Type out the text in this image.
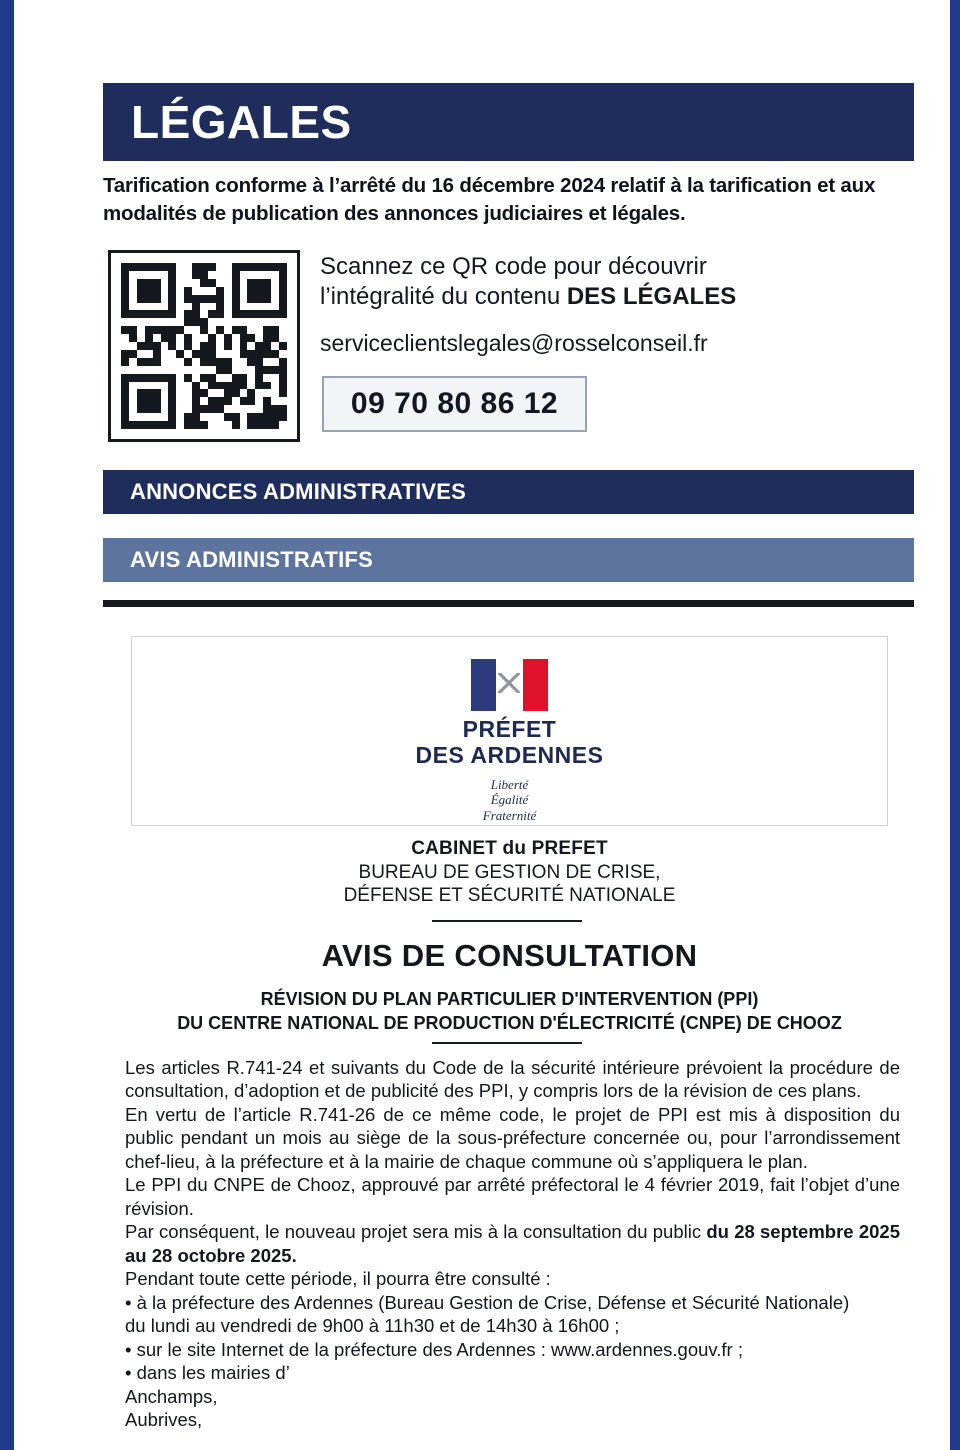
LÉGALES
Tarification conforme à l’arrêté du 16 décembre 2024 relatif à la tarification et aux modalités de publication des annonces judiciaires et légales.
Scannez ce QR code pour découvrir
l’intégralité du contenu DES LÉGALES
serviceclientslegales@rosselconseil.fr
09 70 80 86 12
ANNONCES ADMINISTRATIVES
AVIS ADMINISTRATIFS
PRÉFET
DES ARDENNES
Liberté
Égalité
Fraternité
CABINET du PREFET
BUREAU DE GESTION DE CRISE,
DÉFENSE ET SÉCURITÉ NATIONALE
AVIS DE CONSULTATION
RÉVISION DU PLAN PARTICULIER D'INTERVENTION (PPI)
DU CENTRE NATIONAL DE PRODUCTION D'ÉLECTRICITÉ (CNPE) DE CHOOZ

Les articles R.741-24 et suivants du Code de la sécurité intérieure prévoient la procédure de consultation, d’adoption et de publicité des PPI, y compris lors de la révision de ces plans.

En vertu de l’article R.741-26 de ce même code, le projet de PPI est mis à disposition du public pendant un mois au siège de la sous-préfecture concernée ou, pour l’arrondissement chef-lieu, à la préfecture et à la mairie de chaque commune où s’appliquera le plan.

Le PPI du CNPE de Chooz, approuvé par arrêté préfectoral le 4 février 2019, fait l’objet d’une révision.

Par conséquent, le nouveau projet sera mis à la consultation du public du 28 septembre 2025 au 28 octobre 2025.

Pendant toute cette période, il pourra être consulté :

• à la préfecture des Ardennes (Bureau Gestion de Crise, Défense et Sécurité Nationale)

du lundi au vendredi de 9h00 à 11h30 et de 14h30 à 16h00 ;

• sur le site Internet de la préfecture des Ardennes : www.ardennes.gouv.fr ;

• dans les mairies d’

Anchamps,

Aubrives,
